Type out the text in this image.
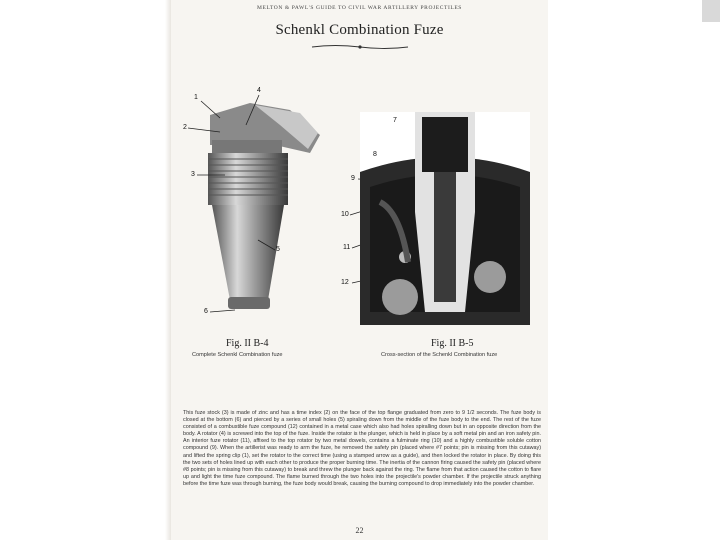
MELTON & PAWL'S GUIDE TO CIVIL WAR ARTILLERY PROJECTILES
Schenkl Combination Fuze
1
2
3
4
5
6
7
8
9
10
11
12
Fig. II B-4
Complete Schenkl Combination fuze
Fig. II B-5
Cross-section of the Schenkl Combination fuze
This fuze stock (3) is made of zinc and has a time index (2) on the face of the top flange graduated from zero to 9 1/2 seconds. The fuze body is closed at the bottom (6) and pierced by a series of small holes (5) spiraling down from the middle of the fuze body to the end. The rest of the fuze consisted of a combustible fuze compound (12) contained in a metal case which also had holes spiralling down but in an opposite direction from the body. A rotator (4) is screwed into the top of the fuze. Inside the rotator is the plunger, which is held in place by a soft metal pin and an iron safety pin. An interior fuze rotator (11), affixed to the top rotator by two metal dowels, contains a fulminate ring (10) and a highly combustible soluble cotton compound (9). When the artillerist was ready to arm the fuze, he removed the safety pin (placed where #7 points; pin is missing from this cutaway) and lifted the spring clip (1), set the rotator to the correct time (using a stamped arrow as a guide), and then locked the rotator in place. By doing this the two sets of holes lined up with each other to produce the proper burning time. The inertia of the cannon firing caused the safety pin (placed where #8 points; pin is missing from this cutaway) to break and threw the plunger back against the ring. The flame from that action caused the cotton to flare up and light the time fuze compound. The flame burned through the two holes into the projectile's powder chamber. If the projectile struck anything before the time fuze was through burning, the fuze body would break, causing the burning compound to drop immediately into the powder chamber.
22
